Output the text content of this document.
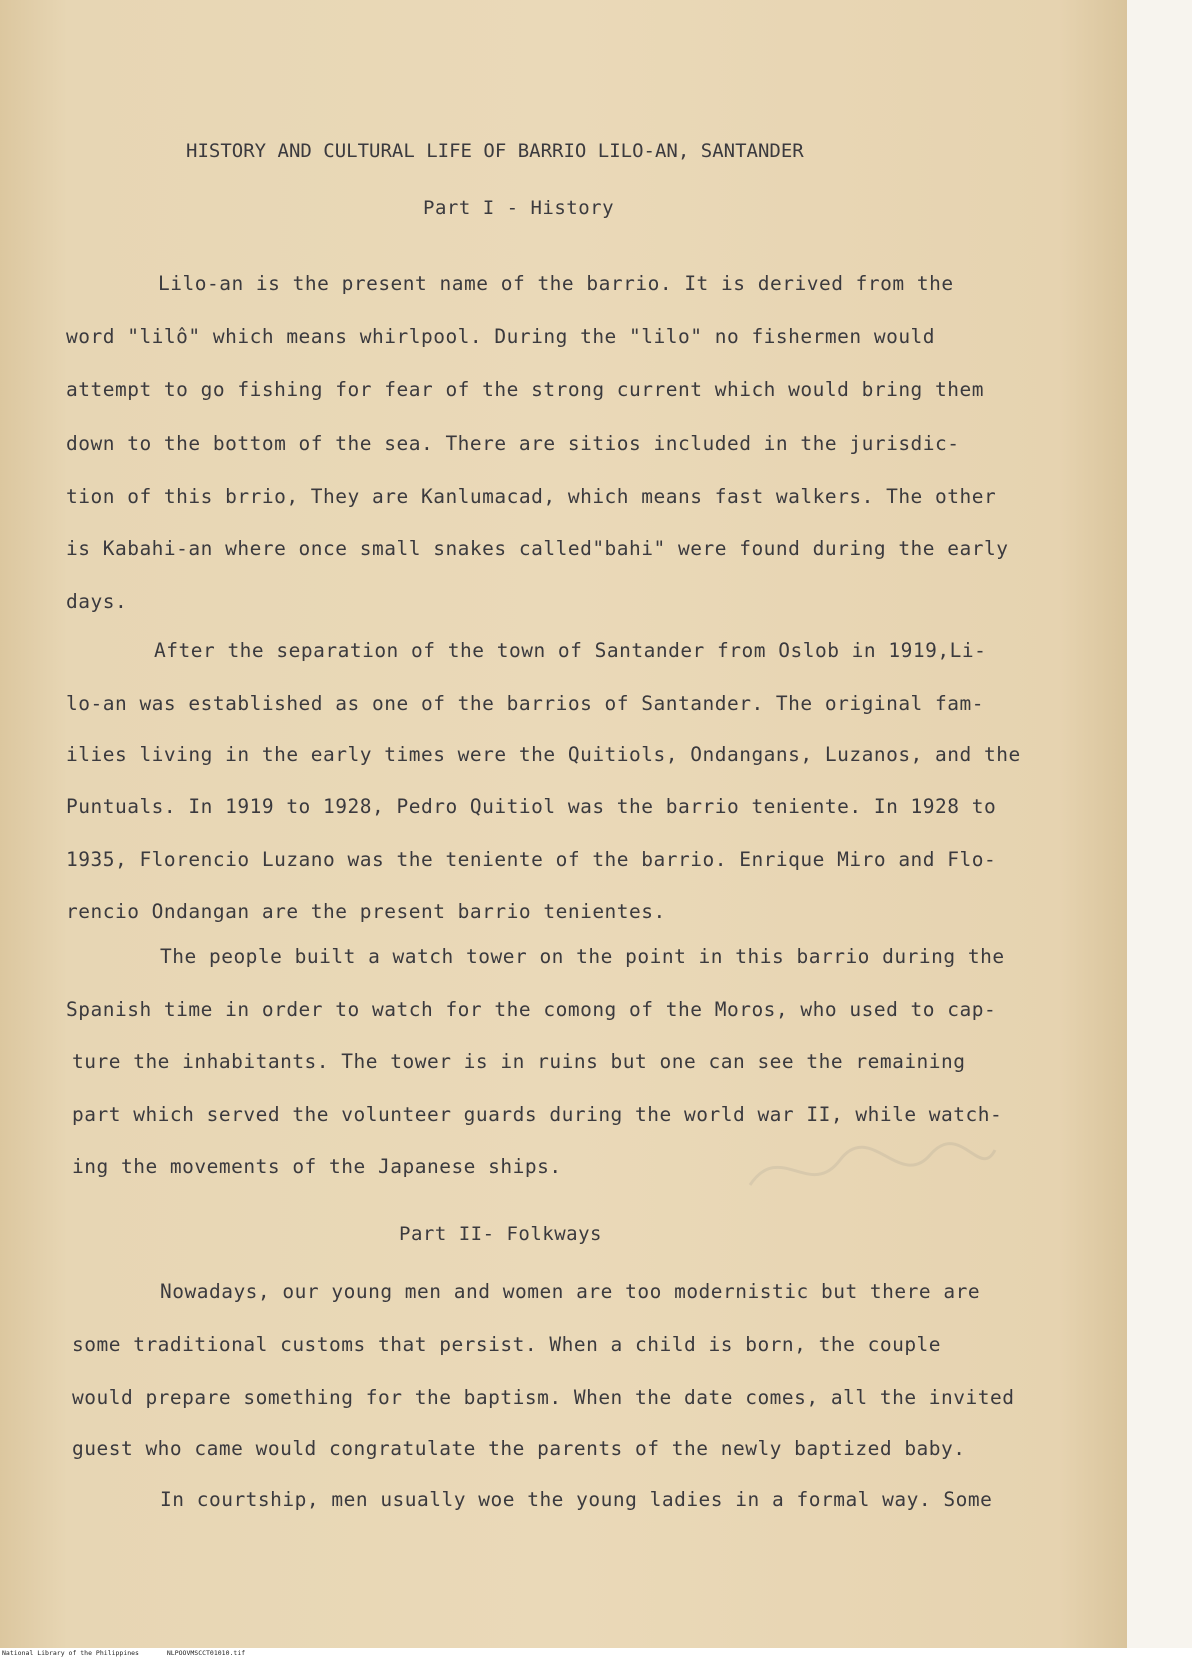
HISTORY AND CULTURAL LIFE OF BARRIO LILO-AN, SANTANDER
Part I - History
Lilo-an is the present name of the barrio. It is derived from the
word "lilô" which means whirlpool. During the "lilo" no fishermen would
attempt to go fishing for fear of the strong current which would bring them
down to the bottom of the sea. There are sitios included in the jurisdic-
tion of this brrio, They are Kanlumacad, which means fast walkers. The other
is Kabahi-an where once small snakes called"bahi" were found during the early
days.
After the separation of the town of Santander from Oslob in 1919,Li-
lo-an was established as one of the barrios of Santander. The original fam-
ilies living in the early times were the Quitiols, Ondangans, Luzanos, and the
Puntuals. In 1919 to 1928, Pedro Quitiol was the barrio teniente. In 1928 to
1935, Florencio Luzano was the teniente of the barrio. Enrique Miro and Flo-
rencio Ondangan are the present barrio tenientes.
The people built a watch tower on the point in this barrio during the
Spanish time in order to watch for the comong of the Moros, who used to cap-
ture the inhabitants. The tower is in ruins but one can see the remaining
part which served the volunteer guards during the world war II, while watch-
ing the movements of the Japanese ships.
Part II- Folkways
Nowadays, our young men and women are too modernistic but there are
some traditional customs that persist. When a child is born, the couple
would prepare something for the baptism. When the date comes, all the invited
guest who came would congratulate the parents of the newly baptized baby.
In courtship, men usually woe the young ladies in a formal way. Some
National Library of the Philippines	NLPOOVMSCCT01010.tif
